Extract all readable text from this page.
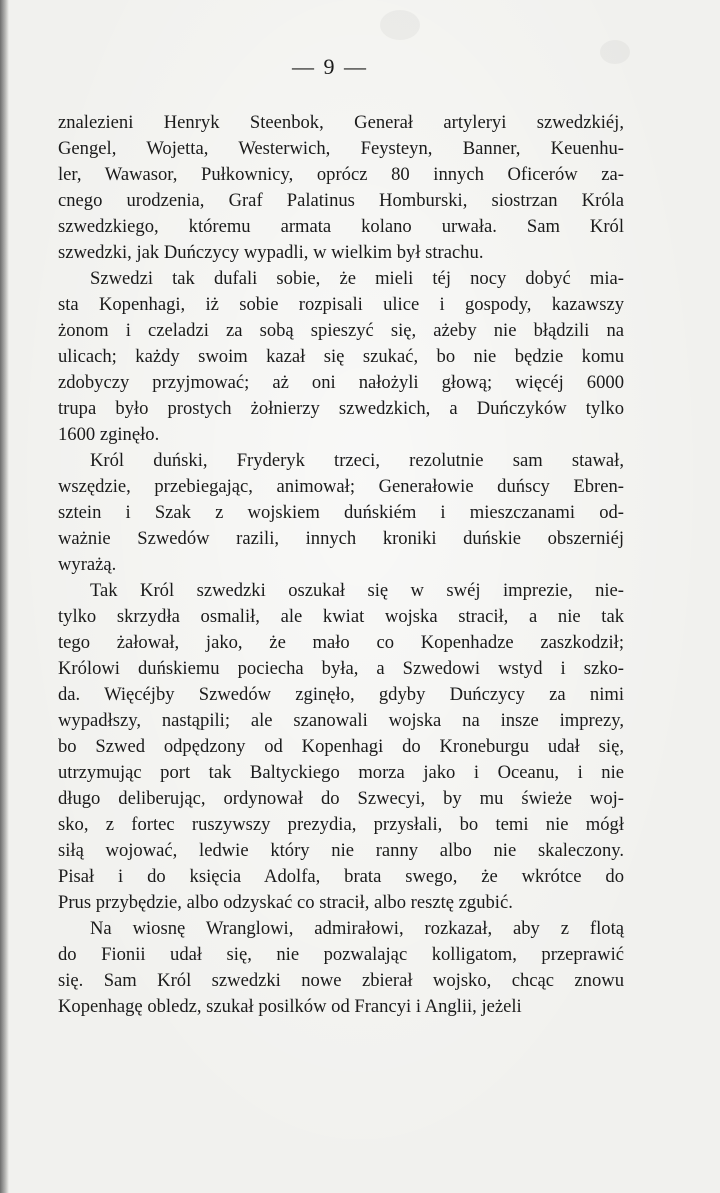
— 9 —
znalezieni Henryk Steenbok, Generał artyleryi szwedzkiéj,
Gengel, Wojetta, Westerwich, Feysteyn, Banner, Keuenhu-
ler, Wawasor, Pułkownicy, oprócz 80 innych Oficerów za-
cnego urodzenia, Graf Palatinus Homburski, siostrzan Króla
szwedzkiego, któremu armata kolano urwała. Sam Król
szwedzki, jak Duńczycy wypadli, w wielkim był strachu.
Szwedzi tak dufali sobie, że mieli téj nocy dobyć mia-
sta Kopenhagi, iż sobie rozpisali ulice i gospody, kazawszy
żonom i czeladzi za sobą spieszyć się, ażeby nie błądzili na
ulicach; każdy swoim kazał się szukać, bo nie będzie komu
zdobyczy przyjmować; aż oni nałożyli głową; więcéj 6000
trupa było prostych żołnierzy szwedzkich, a Duńczyków tylko
1600 zginęło.
Król duński, Fryderyk trzeci, rezolutnie sam stawał,
wszędzie, przebiegając, animował; Generałowie duńscy Ebren-
sztein i Szak z wojskiem duńskiém i mieszczanami od-
ważnie Szwedów razili, innych kroniki duńskie obszerniéj
wyrażą.
Tak Król szwedzki oszukał się w swéj imprezie, nie-
tylko skrzydła osmalił, ale kwiat wojska stracił, a nie tak
tego żałował, jako, że mało co Kopenhadze zaszkodził;
Królowi duńskiemu pociecha była, a Szwedowi wstyd i szko-
da. Więcéjby Szwedów zginęło, gdyby Duńczycy za nimi
wypadłszy, nastąpili; ale szanowali wojska na insze imprezy,
bo Szwed odpędzony od Kopenhagi do Kroneburgu udał się,
utrzymując port tak Baltyckiego morza jako i Oceanu, i nie
długo deliberując, ordynował do Szwecyi, by mu świeże woj-
sko, z fortec ruszywszy prezydia, przysłali, bo temi nie mógł
siłą wojować, ledwie który nie ranny albo nie skaleczony.
Pisał i do księcia Adolfa, brata swego, że wkrótce do
Prus przybędzie, albo odzyskać co stracił, albo resztę zgubić.
Na wiosnę Wranglowi, admirałowi, rozkazał, aby z flotą
do Fionii udał się, nie pozwalając kolligatom, przeprawić
się. Sam Król szwedzki nowe zbierał wojsko, chcąc znowu
Kopenhagę obledz, szukał posilków od Francyi i Anglii, jeżeli
